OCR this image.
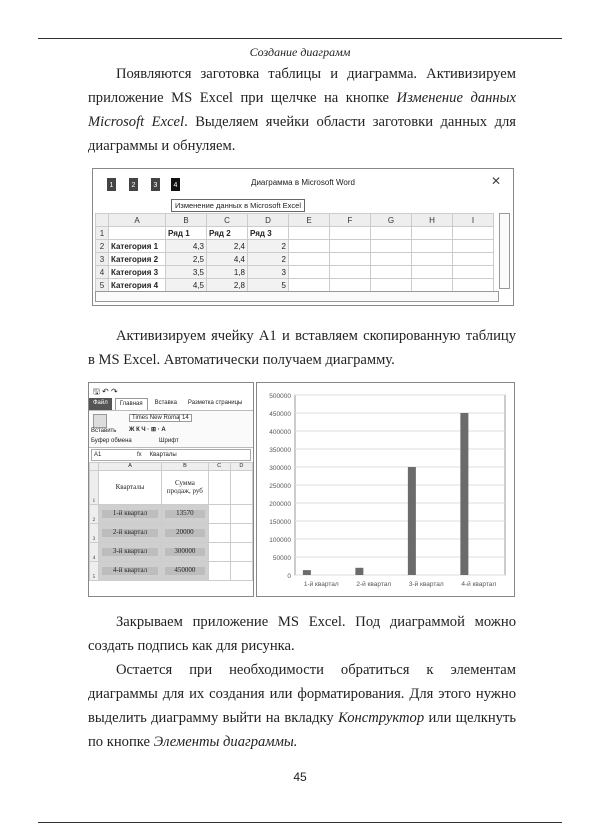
Создание диаграмм

Появляются заготовка таблицы и диаграмма. Активизируем приложение MS Excel при щелчке на кнопке Изменение данных Microsoft Excel. Выделяем ячейки области заготовки данных для диаграммы и обнуляем.

1	2	3	4	Диаграмма в Microsoft Word	✕
Изменение данных в Microsoft Excel
	A	B	C	D	E	F	G	H	I
1		Ряд 1	Ряд 2	Ряд 3					
2	Категория 1	4,3	2,4	2					
3	Категория 2	2,5	4,4	2					
4	Категория 3	3,5	1,8	3					
5	Категория 4	4,5	2,8	5					

Активизируем ячейку A1 и вставляем скопированную таблицу в MS Excel. Автоматически получаем диаграмму.

🖫 ↶ ↷
Файл	Главная	Вставка	Разметка страницы
Вставить
Times New Roma 14
Ж К Ч · ⊞ · A
Буфер обмена	Шрифт
A1	fx Кварталы
	A	B	C	D
1	Кварталы	Сумма продаж, руб		
2	1-й квартал	13570		

3	2-й квартал	20000		

4	3-й квартал	300000		

5	4-й квартал	450000		

0
50000
100000
150000
200000
250000
300000
350000
400000
450000
500000
1-й квартал	2-й квартал	3-й квартал	4-й квартал

Закрываем приложение MS Excel. Под диаграммой можно создать подпись как для рисунка.

Остается при необходимости обратиться к элементам диаграммы для их создания или форматирования. Для этого нужно выделить диаграмму выйти на вкладку Конструктор или щелкнуть по кнопке Элементы диаграммы.

45
